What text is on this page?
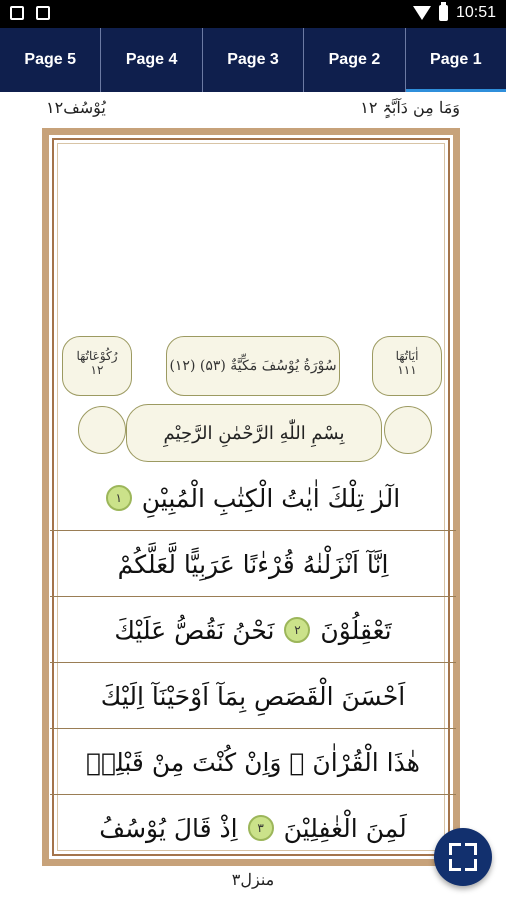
10:51
Page 5	Page 4	Page 3	Page 2	Page 1
یُوْسُف۱۲	وَمَا مِن دَآبَّۃٍ ۱۲
رُكُوْعَاتُهَا
۱۲	(۱۲) سُوْرَةُ يُوْسُفَ مَكِّيَّةٌ (۵۳)
اٰيَاتُهَا
۱۱۱
بِسْمِ اللّٰهِ الرَّحْمٰنِ الرَّحِيْمِ
الٓرٰ تِلْكَ اٰيٰتُ الْكِتٰبِ الْمُبِيْنِ
۱
اِنَّآ اَنْزَلْنٰهُ قُرْءٰنًا عَرَبِيًّا لَّعَلَّكُمْ
تَعْقِلُوْنَ
۲
نَحْنُ نَقُصُّ عَلَيْكَ
اَحْسَنَ الْقَصَصِ بِمَآ اَوْحَيْنَآ اِلَيْكَ
هٰذَا الْقُرْاٰنَ ۖ وَاِنْ كُنْتَ مِنْ قَبْلِهٖ
لَمِنَ الْغٰفِلِيْنَ
۳
اِذْ قَالَ يُوْسُفُ
منزل۳
